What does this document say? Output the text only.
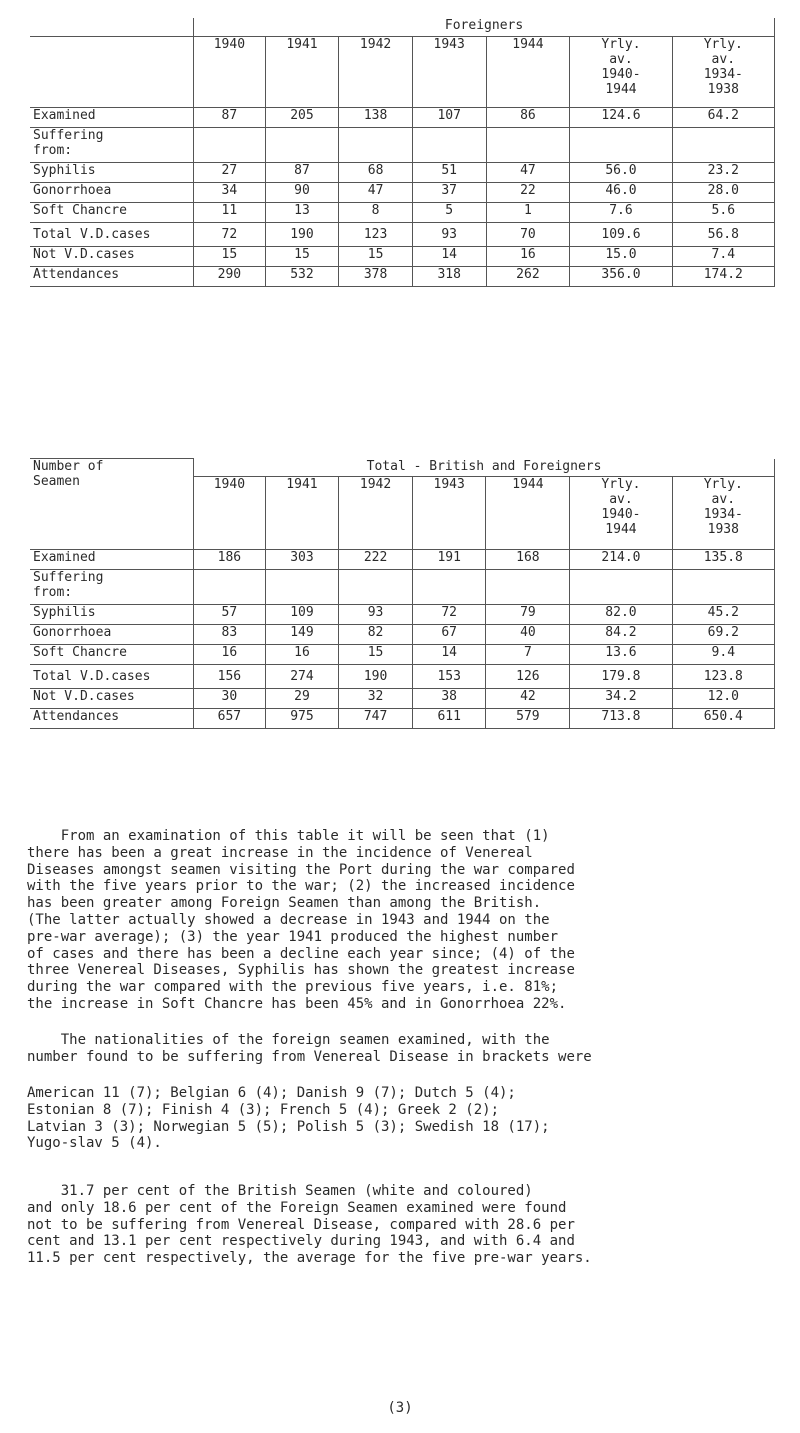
	Foreigners						
	1940	1941	1942	1943	1944	Yrly.
av.
1940-
1944	Yrly.
av.
1934-
1938
Examined	87	205	138	107	86	124.6	64.2
Suffering
from:							
Syphilis	27	87	68	51	47	56.0	23.2
Gonorrhoea	34	90	47	37	22	46.0	28.0
Soft Chancre	11	13	8	5	1	7.6	5.6
Total V.D.cases	72	190	123	93	70	109.6	56.8
Not V.D.cases	15	15	15	14	16	15.0	7.4
Attendances	290	532	378	318	262	356.0	174.2
Number of
Seamen	Total - British and Foreigners						
	1940	1941	1942	1943	1944	Yrly.
av.
1940-
1944	Yrly.
av.
1934-
1938
Examined	186	303	222	191	168	214.0	135.8
Suffering
from:							
Syphilis	57	109	93	72	79	82.0	45.2
Gonorrhoea	83	149	82	67	40	84.2	69.2
Soft Chancre	16	16	15	14	7	13.6	9.4
Total V.D.cases	156	274	190	153	126	179.8	123.8
Not V.D.cases	30	29	32	38	42	34.2	12.0
Attendances	657	975	747	611	579	713.8	650.4
From an examination of this table it will be seen that (1)
there has been a great increase in the incidence of Venereal
Diseases amongst seamen visiting the Port during the war compared
with the five years prior to the war; (2) the increased incidence
has been greater among Foreign Seamen than among the British.
(The latter actually showed a decrease in 1943 and 1944 on the
pre-war average); (3) the year 1941 produced the highest number
of cases and there has been a decline each year since; (4) of the
three Venereal Diseases, Syphilis has shown the greatest increase
during the war compared with the previous five years, i.e. 81%;
the increase in Soft Chancre has been 45% and in Gonorrhoea 22%.
The nationalities of the foreign seamen examined, with the
number found to be suffering from Venereal Disease in brackets were
American 11 (7); Belgian 6 (4); Danish 9 (7); Dutch 5 (4);
Estonian 8 (7); Finish 4 (3); French 5 (4); Greek 2 (2);
Latvian 3 (3); Norwegian 5 (5); Polish 5 (3); Swedish 18 (17);
Yugo-slav 5 (4).
31.7 per cent of the British Seamen (white and coloured)
and only 18.6 per cent of the Foreign Seamen examined were found
not to be suffering from Venereal Disease, compared with 28.6 per
cent and 13.1 per cent respectively during 1943, and with 6.4 and
11.5 per cent respectively, the average for the five pre-war years.
(3)
